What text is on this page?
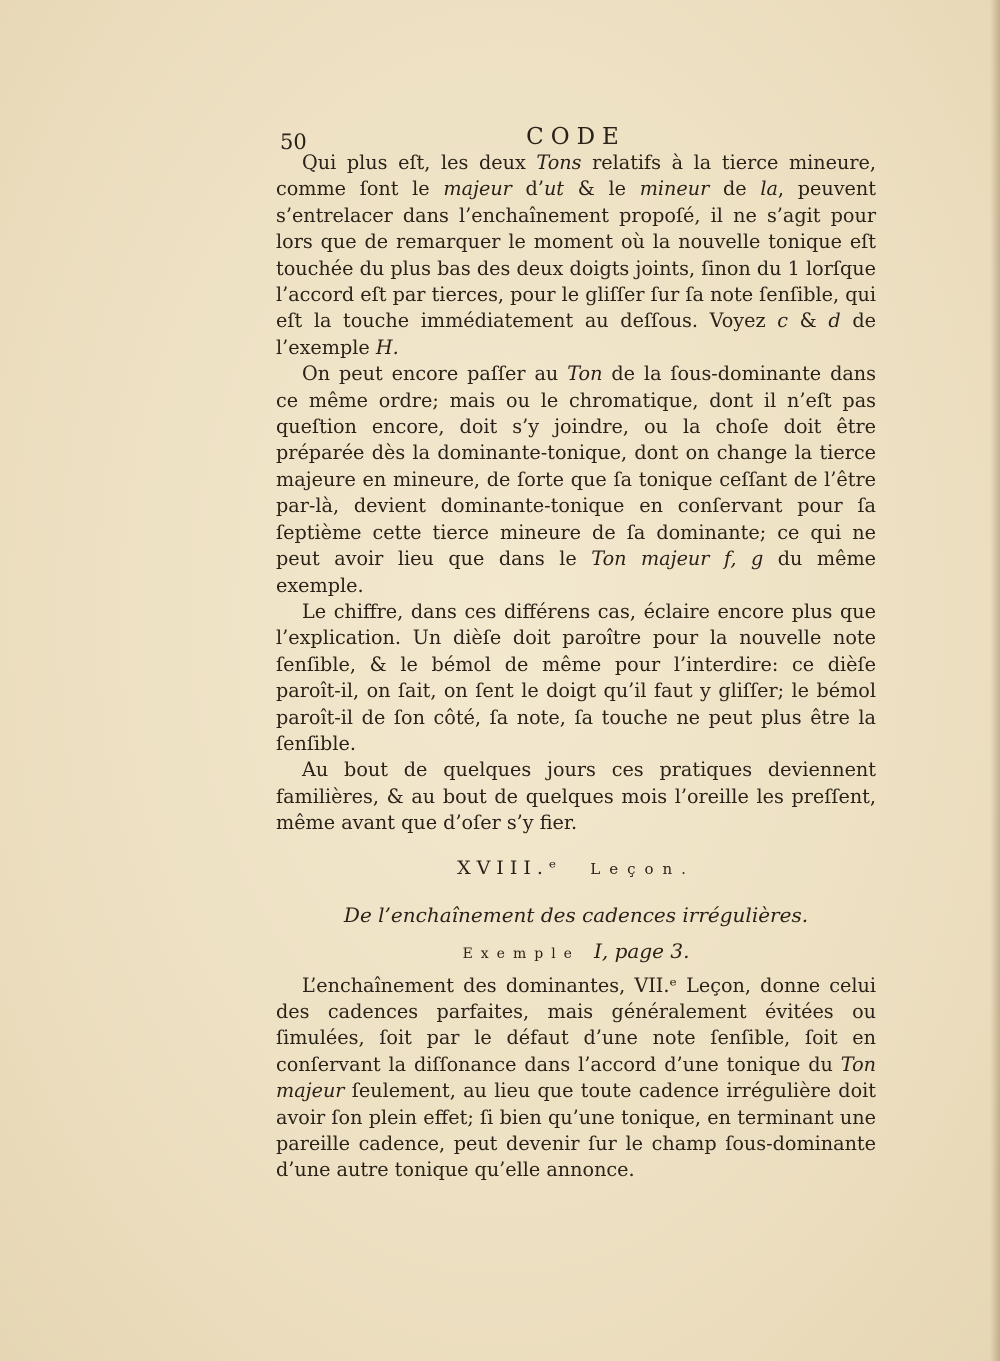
50	CODE

Qui plus eſt, les deux Tons relatifs à la tierce mineure, comme ſont le majeur d’ut & le mineur de la, peuvent s’entrelacer dans l’enchaînement propoſé, il ne s’agit pour lors que de remarquer le moment où la nouvelle tonique eſt touchée du plus bas des deux doigts joints, ſinon du 1 lorſque l’accord eſt par tierces, pour le gliſſer ſur ſa note ſenſible, qui eſt la touche immédiatement au deſſous. Voyez c & d de l’exemple H.

On peut encore paſſer au Ton de la ſous-dominante dans ce même ordre; mais ou le chromatique, dont il n’eſt pas queſtion encore, doit s’y joindre, ou la choſe doit être préparée dès la dominante-tonique, dont on change la tierce majeure en mineure, de ſorte que ſa tonique ceſſant de l’être par-là, devient dominante-tonique en conſervant pour ſa ſeptième cette tierce mineure de ſa dominante; ce qui ne peut avoir lieu que dans le Ton majeur f, g du même exemple.

Le chiffre, dans ces différens cas, éclaire encore plus que l’explication. Un dièſe doit paroître pour la nouvelle note ſenſible, & le bémol de même pour l’interdire: ce dièſe paroît-il, on ſait, on ſent le doigt qu’il faut y gliſſer; le bémol paroît-il de ſon côté, ſa note, ſa touche ne peut plus être la ſenſible.

Au bout de quelques jours ces pratiques deviennent familières, & au bout de quelques mois l’oreille les preſſent, même avant que d’oſer s’y fier.

XVIII.ᵉ Leçon.
De l’enchaînement des cadences irrégulières.
Exemple I, page 3.

L’enchaînement des dominantes, VII.ᵉ Leçon, donne celui des cadences parfaites, mais généralement évitées ou ſimulées, ſoit par le défaut d’une note ſenſible, ſoit en conſervant la diſſonance dans l’accord d’une tonique du Ton majeur ſeulement, au lieu que toute cadence irrégulière doit avoir ſon plein effet; ſi bien qu’une tonique, en terminant une pareille cadence, peut devenir ſur le champ ſous-dominante d’une autre tonique qu’elle annonce.
